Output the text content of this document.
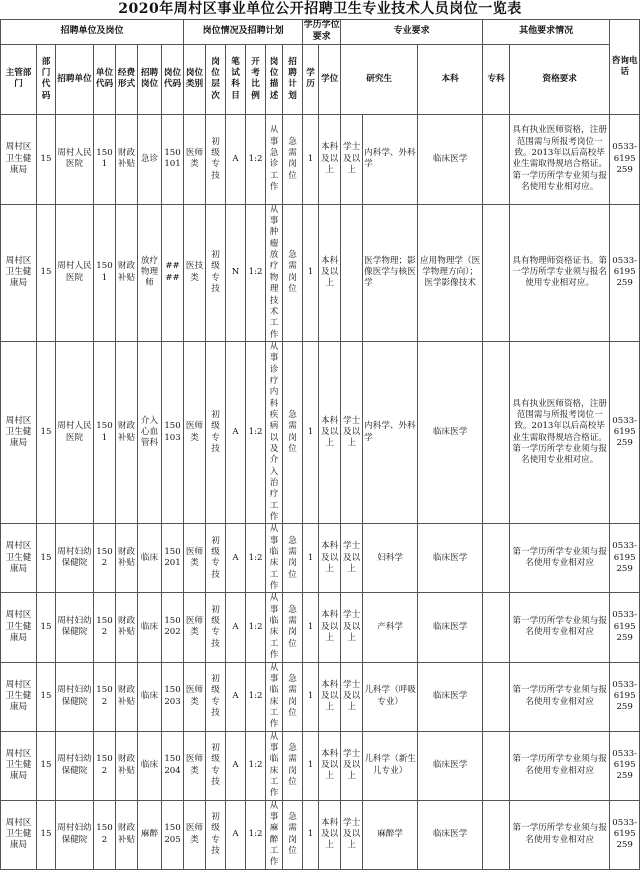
2020年周村区事业单位公开招聘卫生专业技术人员岗位一览表
招聘单位及岗位							岗位情况及招聘计划						学历学位要求		专业要求			其他要求情况		咨询电话
主管部门	部门代码	招聘单位	单位代码	经费形式	招聘岗位	岗位代码	岗位类别	岗位层次	笔试科目	开考比例	岗位描述	招聘计划	学历	学位	研究生		本科	专科	资格要求	
周村区卫生健康局	15	周村人民医院	1501	财政补贴	急诊	150101	医师类	初级专技	A	1:2	从事急诊工作	急需岗位	1	本科及以上	学士及以上	内科学、外科学	临床医学		具有执业医师资格，注册范围需与所报考岗位一致。2013年以后高校毕业生需取得规培合格证。第一学历所学专业须与报名使用专业相对应。	0533-6195259
周村区卫生健康局	15	周村人民医院	1501	财政补贴	放疗物理师	####	医技类	初级专技	N	1:2	从事肿瘤放疗物理技术工作	急需岗位	1	本科及以上		医学物理；影像医学与核医学	应用物理学（医学物理方向）；医学影像技术		具有物理师资格证书。第一学历所学专业须与报名使用专业相对应。	0533-6195259
周村区卫生健康局	15	周村人民医院	1501	财政补贴	介入心血管科	150103	医师类	初级专技	A	1:2	从事诊疗内科疾病以及介入治疗工作	急需岗位	1	本科及以上	学士及以上	内科学、外科学	临床医学		具有执业医师资格，注册范围需与所报考岗位一致。2013年以后高校毕业生需取得规培合格证。第一学历所学专业须与报名使用专业相对应。	0533-6195259
周村区卫生健康局	15	周村妇幼保健院	1502	财政补贴	临床	150201	医师类	初级专技	A	1:2	从事临床工作	急需岗位	1	本科及以上	学士及以上	妇科学	临床医学		第一学历所学专业须与报名使用专业相对应	0533-6195259
周村区卫生健康局	15	周村妇幼保健院	1502	财政补贴	临床	150202	医师类	初级专技	A	1:2	从事临床工作	急需岗位	1	本科及以上	学士及以上	产科学	临床医学		第一学历所学专业须与报名使用专业相对应	0533-6195259
周村区卫生健康局	15	周村妇幼保健院	1502	财政补贴	临床	150203	医师类	初级专技	A	1:2	从事临床工作	急需岗位	1	本科及以上	学士及以上	儿科学（呼吸专业）	临床医学		第一学历所学专业须与报名使用专业相对应	0533-6195259
周村区卫生健康局	15	周村妇幼保健院	1502	财政补贴	临床	150204	医师类	初级专技	A	1:2	从事临床工作	急需岗位	1	本科及以上	学士及以上	儿科学（新生儿专业）	临床医学		第一学历所学专业须与报名使用专业相对应	0533-6195259
周村区卫生健康局	15	周村妇幼保健院	1502	财政补贴	麻醉	150205	医师类	初级专技	A	1:2	从事麻醉工作	急需岗位	1	本科及以上	学士及以上	麻醉学	临床医学		第一学历所学专业须与报名使用专业相对应	0533-6195259
